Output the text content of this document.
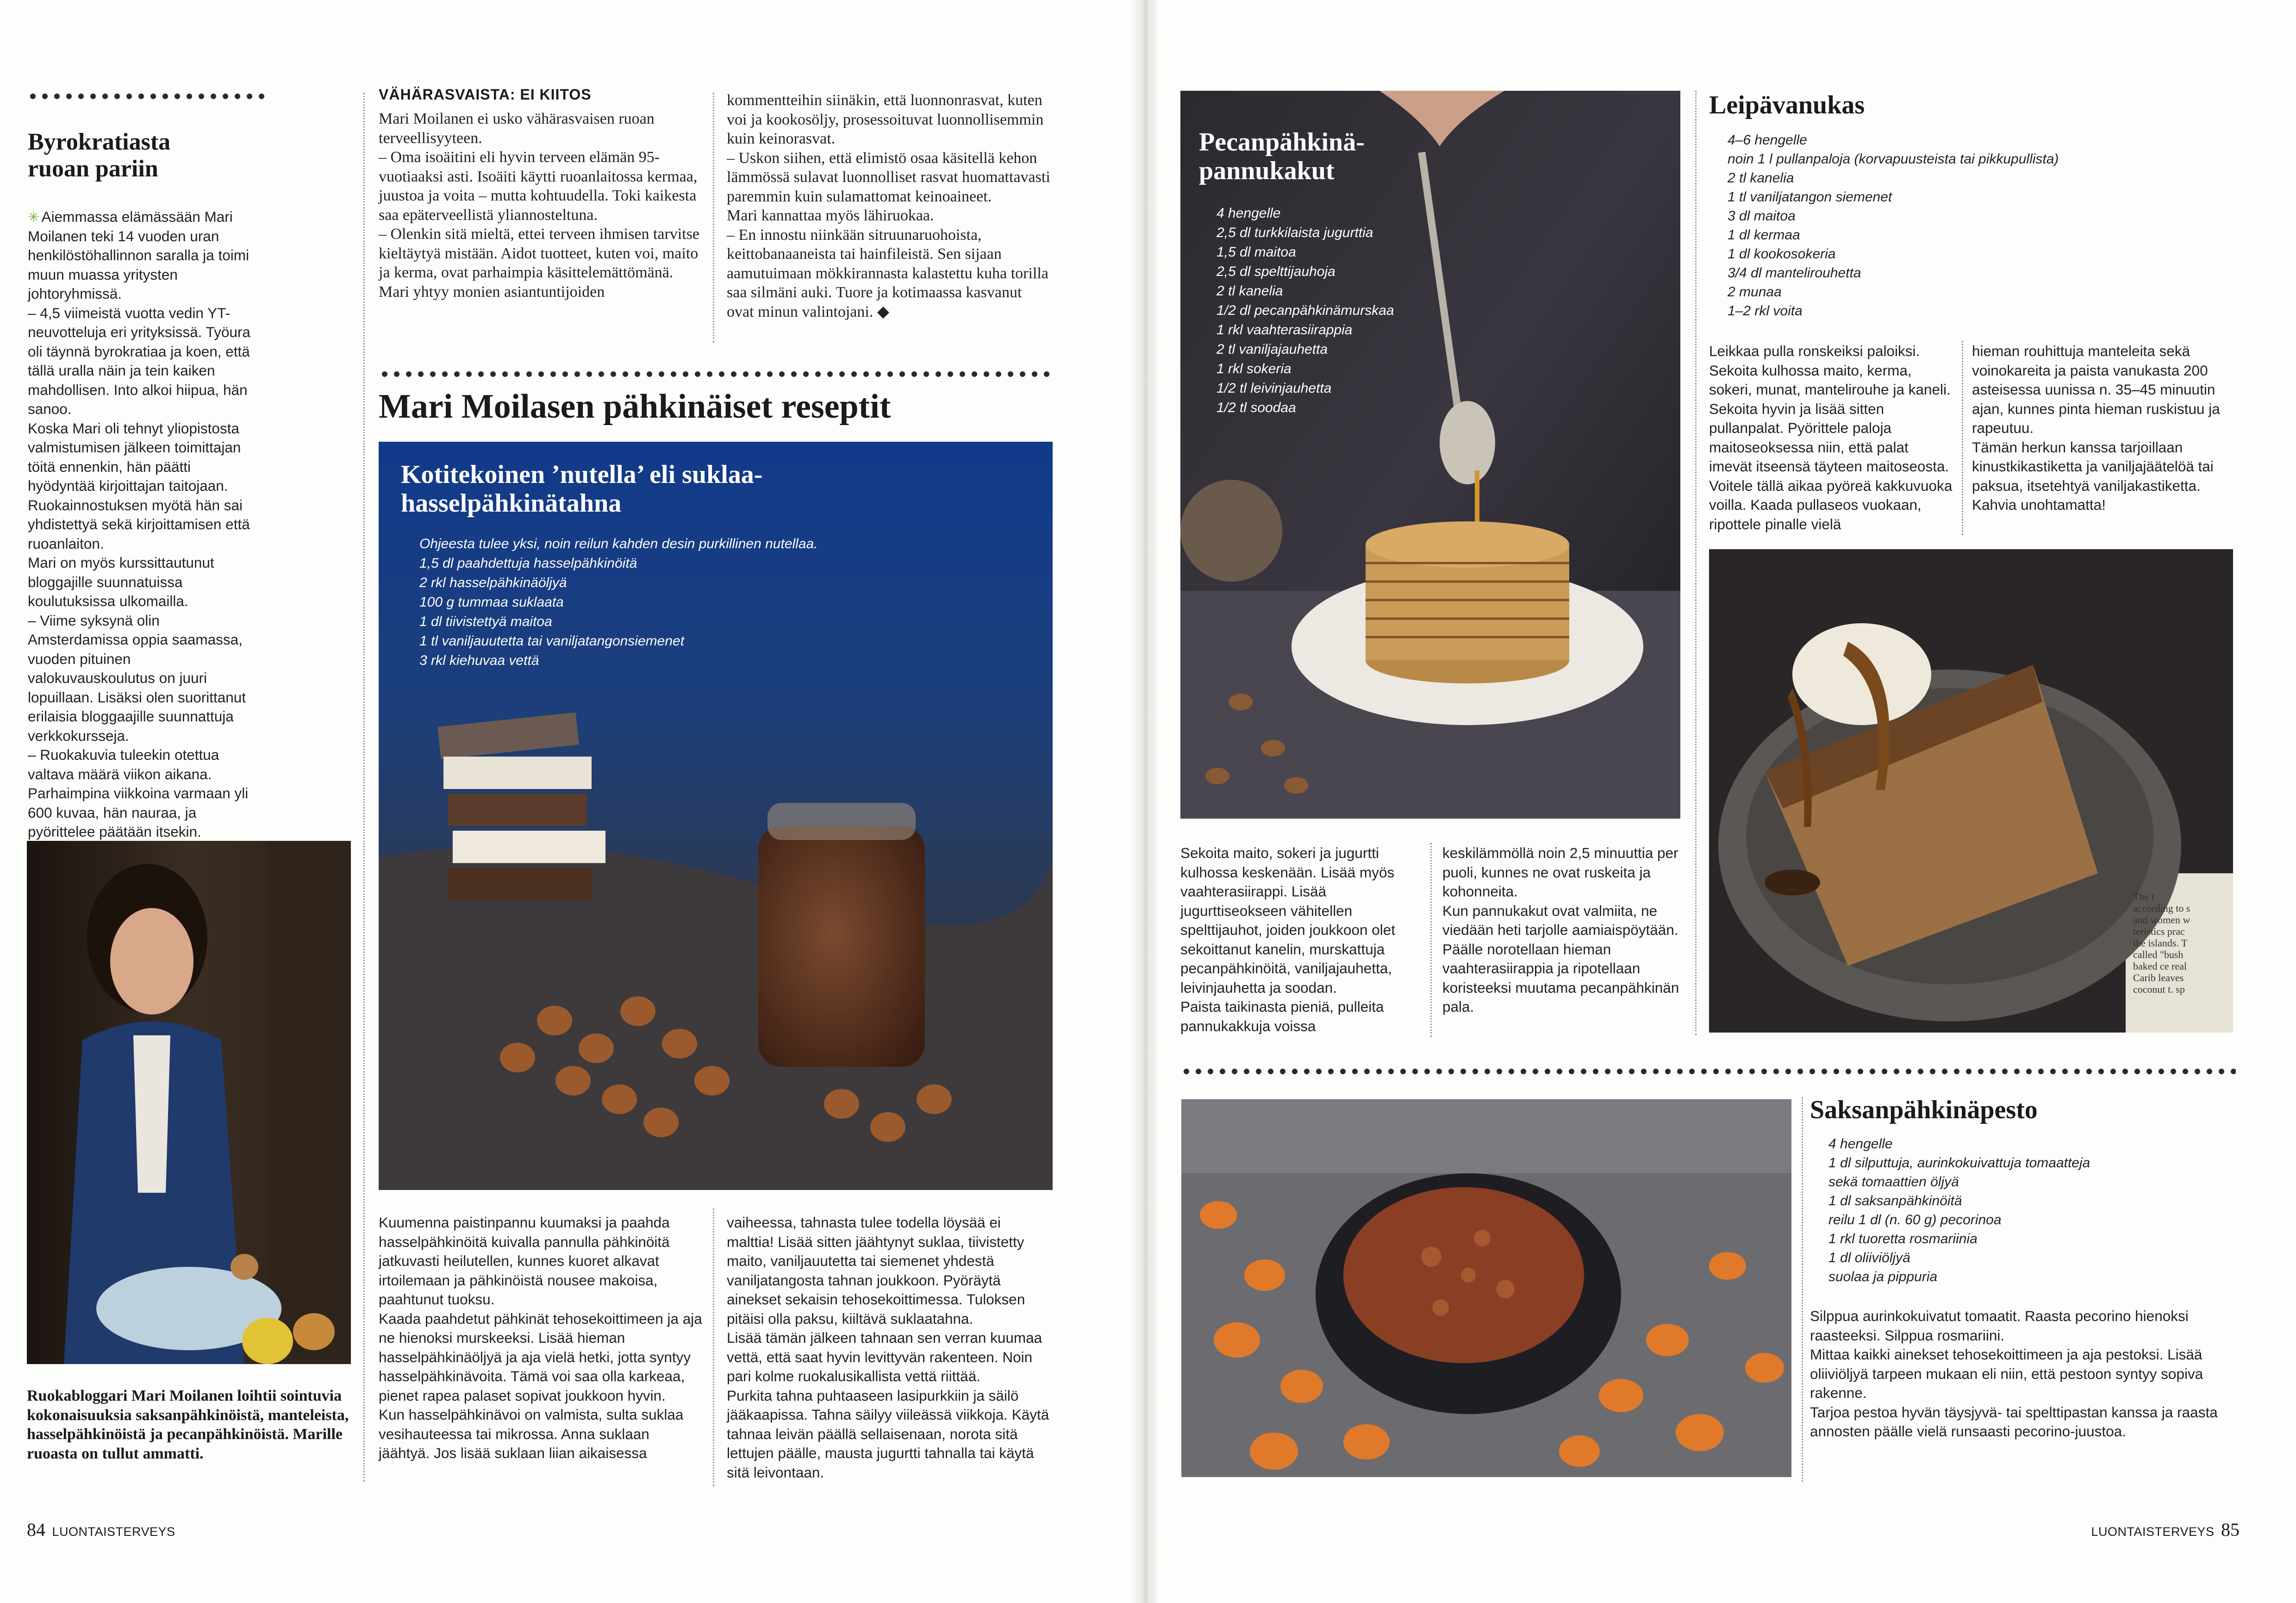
Byrokratiasta
ruoan pariin
✳ Aiemmassa elämässään Mari Moilanen teki 14 vuoden uran henkilöstöhallinnon saralla ja toimi muun muassa yritysten johtoryhmissä.
– 4,5 viimeistä vuotta vedin YT-neuvotteluja eri yrityksissä. Työura oli täynnä byrokratiaa ja koen, että tällä uralla näin ja tein kaiken mahdollisen. Into alkoi hiipua, hän sanoo.
Koska Mari oli tehnyt yliopistosta valmistumisen jälkeen toimittajan töitä ennenkin, hän päätti hyödyntää kirjoittajan taitojaan. Ruokainnostuksen myötä hän sai yhdistettyä sekä kirjoittamisen että ruoanlaiton.
Mari on myös kurssittautunut bloggajille suunnatuissa koulutuksissa ulkomailla.
– Viime syksynä olin Amsterdamissa oppia saamassa, vuoden pituinen valokuvauskoulutus on juuri lopuillaan. Lisäksi olen suorittanut erilaisia bloggaajille suunnattuja verkkokursseja.
– Ruokakuvia tuleekin otettua valtava määrä viikon aikana. Parhaimpina viikkoina varmaan yli 600 kuvaa, hän nauraa, ja pyörittelee päätään itsekin.
Ruokabloggari Mari Moilanen loihtii sointuvia kokonaisuuksia saksanpähkinöistä, manteleista, hasselpähkinöistä ja pecanpähkinöistä. Marille ruoasta on tullut ammatti.
VÄHÄRASVAISTA: EI KIITOS
Mari Moilanen ei usko vähärasvaisen ruoan terveellisyyteen.
– Oma isoäitini eli hyvin terveen elämän 95-vuotiaaksi asti. Isoäiti käytti ruoanlaitossa kermaa, juustoa ja voita – mutta kohtuudella. Toki kaikesta saa epäterveellistä yliannosteltuna.
– Olenkin sitä mieltä, ettei terveen ihmisen tarvitse kieltäytyä mistään. Aidot tuotteet, kuten voi, maito ja kerma, ovat parhaimpia käsittelemättömänä.
Mari yhtyy monien asiantuntijoiden
kommentteihin siinäkin, että luonnonrasvat, kuten voi ja kookosöljy, prosessoituvat luonnollisemmin kuin keinorasvat.
– Uskon siihen, että elimistö osaa käsitellä kehon lämmössä sulavat luonnolliset rasvat huomattavasti paremmin kuin sulamattomat keinoaineet.
Mari kannattaa myös lähiruokaa.
– En innostu niinkään sitruunaruohoista, keittobanaaneista tai hainfileistä. Sen sijaan aamutuimaan mökkirannasta kalastettu kuha torilla saa silmäni auki. Tuore ja kotimaassa kasvanut ovat minun valintojani. ◆
Mari Moilasen pähkinäiset reseptit
Kotitekoinen ’nutella’ eli suklaa-
hasselpähkinätahna
Ohjeesta tulee yksi, noin reilun kahden desin purkillinen nutellaa.
1,5 dl paahdettuja hasselpähkinöitä
2 rkl hasselpähkinäöljyä
100 g tummaa suklaata
1 dl tiivistettyä maitoa
1 tl vaniljauutetta tai vaniljatangonsiemenet
3 rkl kiehuvaa vettä
Kuumenna paistinpannu kuumaksi ja paahda hasselpähkinöitä kuivalla pannulla pähkinöitä jatkuvasti heilutellen, kunnes kuoret alkavat irtoilemaan ja pähkinöistä nousee makoisa, paahtunut tuoksu.
Kaada paahdetut pähkinät tehosekoittimeen ja aja ne hienoksi murskeeksi. Lisää hieman hasselpähkinäöljyä ja aja vielä hetki, jotta syntyy hasselpähkinävoita. Tämä voi saa olla karkeaa, pienet rapea palaset sopivat joukkoon hyvin.
Kun hasselpähkinävoi on valmista, sulta suklaa vesihauteessa tai mikrossa. Anna suklaan jäähtyä. Jos lisää suklaan liian aikaisessa
vaiheessa, tahnasta tulee todella löysää ei malttia! Lisää sitten jäähtynyt suklaa, tiivistetty maito, vaniljauutetta tai siemenet yhdestä vaniljatangosta tahnan joukkoon. Pyöräytä ainekset sekaisin tehosekoittimessa. Tuloksen pitäisi olla paksu, kiiltävä suklaatahna.
Lisää tämän jälkeen tahnaan sen verran kuumaa vettä, että saat hyvin levittyvän rakenteen. Noin pari kolme ruokalusikallista vettä riittää.
Purkita tahna puhtaaseen lasipurkkiin ja säilö jääkaapissa. Tahna säilyy viileässä viikkoja. Käytä tahnaa leivän päällä sellaisenaan, norota sitä lettujen päälle, mausta jugurtti tahnalla tai käytä sitä leivontaan.
84 LUONTAISTERVEYS
Pecanpähkinä-
pannukakut
4 hengelle
2,5 dl turkkilaista jugurttia
1,5 dl maitoa
2,5 dl spelttijauhoja
2 tl kanelia
1/2 dl pecanpähkinämurskaa
1 rkl vaahterasiirappia
2 tl vaniljajauhetta
1 rkl sokeria
1/2 tl leivinjauhetta
1/2 tl soodaa
Sekoita maito, sokeri ja jugurtti kulhossa keskenään. Lisää myös vaahterasiirappi. Lisää jugurttiseokseen vähitellen spelttijauhot, joiden joukkoon olet sekoittanut kanelin, murskattuja pecanpähkinöitä, vaniljajauhetta, leivinjauhetta ja soodan.
Paista taikinasta pieniä, pulleita pannukakkuja voissa
keskilämmöllä noin 2,5 minuuttia per puoli, kunnes ne ovat ruskeita ja kohonneita.
Kun pannukakut ovat valmiita, ne viedään heti tarjolle aamiaispöytään. Päälle norotellaan hieman vaahterasiirappia ja ripotellaan koristeeksi muutama pecanpähkinän pala.
Leipävanukas
4–6 hengelle
noin 1 l pullanpaloja (korvapuusteista tai pikkupullista)
2 tl kanelia
1 tl vaniljatangon siemenet
3 dl maitoa
1 dl kermaa
1 dl kookosokeria
3/4 dl mantelirouhetta
2 munaa
1–2 rkl voita
Leikkaa pulla ronskeiksi paloiksi. Sekoita kulhossa maito, kerma, sokeri, munat, mantelirouhe ja kaneli. Sekoita hyvin ja lisää sitten pullanpalat. Pyörittele paloja maitoseoksessa niin, että palat imevät itseensä täyteen maitoseosta.
Voitele tällä aikaa pyöreä kakkuvuoka voilla. Kaada pullaseos vuokaan, ripottele pinalle vielä
hieman rouhittuja manteleita sekä voinokareita ja paista vanukasta 200 asteisessa uunissa n. 35–45 minuutin ajan, kunnes pinta hieman ruskistuu ja rapeutuu.
Tämän herkun kanssa tarjoillaan kinustkikastiketta ja vaniljajäätelöä tai paksua, itsetehtyä vaniljakastiketta. Kahvia unohtamatta!
The t
according to s
and women w
teristics prac
the islands. T
called "bush
baked ce real
Carib leaves
coconut t. sp
Saksanpähkinäpesto
4 hengelle
1 dl silputtuja, aurinkokuivattuja tomaatteja
sekä tomaattien öljyä
1 dl saksanpähkinöitä
reilu 1 dl (n. 60 g) pecorinoa
1 rkl tuoretta rosmariinia
1 dl oliiviöljyä
suolaa ja pippuria
Silppua aurinkokuivatut tomaatit. Raasta pecorino hienoksi raasteeksi. Silppua rosmariini.
Mittaa kaikki ainekset tehosekoittimeen ja aja pestoksi. Lisää oliiviöljyä tarpeen mukaan eli niin, että pestoon syntyy sopiva rakenne.
Tarjoa pestoa hyvän täysjyvä- tai spelttipastan kanssa ja raasta annosten päälle vielä runsaasti pecorino-juustoa.
LUONTAISTERVEYS 85
